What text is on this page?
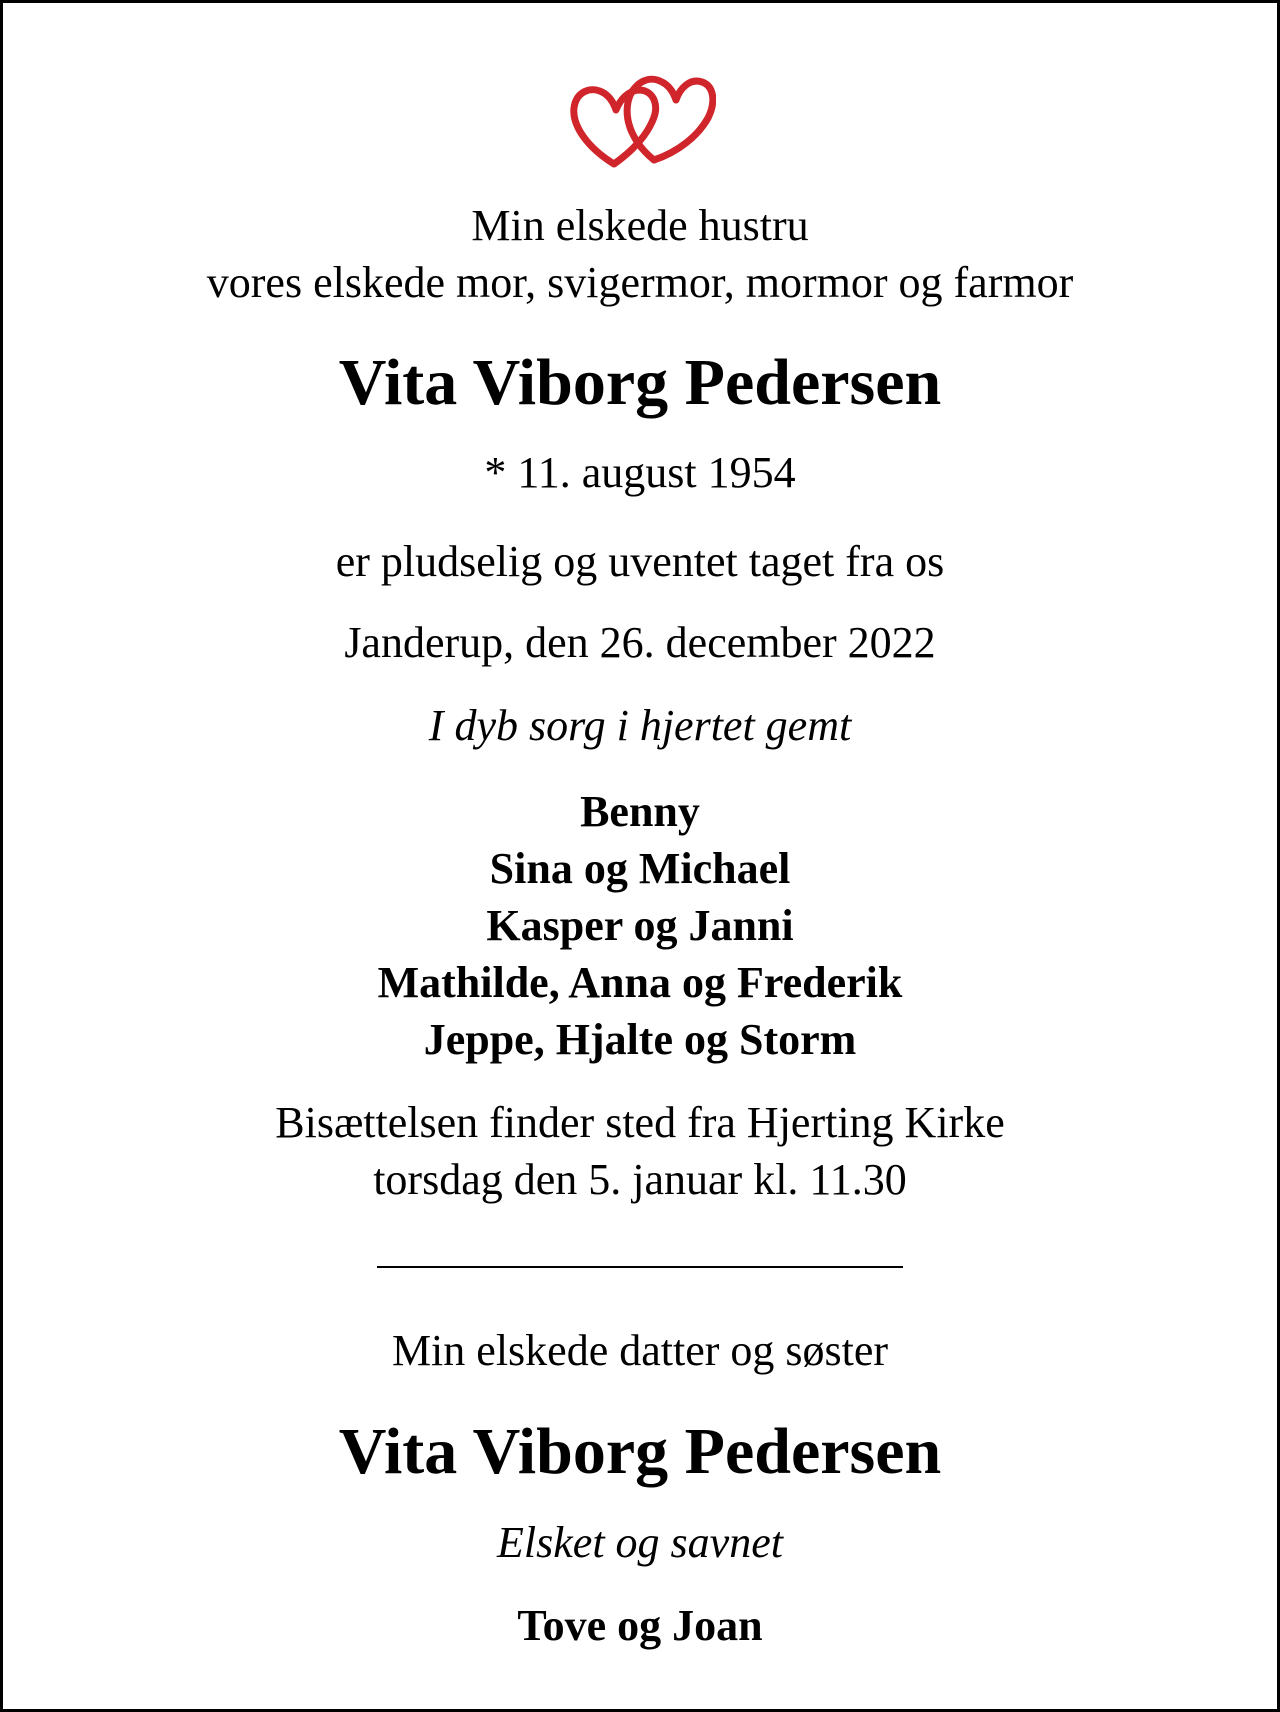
Min elskede hustru
vores elskede mor, svigermor, mormor og farmor
Vita Viborg Pedersen
* 11. august 1954
er pludselig og uventet taget fra os
Janderup, den 26. december 2022
I dyb sorg i hjertet gemt
Benny
Sina og Michael
Kasper og Janni
Mathilde, Anna og Frederik
Jeppe, Hjalte og Storm
Bisættelsen finder sted fra Hjerting Kirke
torsdag den 5. januar kl. 11.30
Min elskede datter og søster
Vita Viborg Pedersen
Elsket og savnet
Tove og Joan
